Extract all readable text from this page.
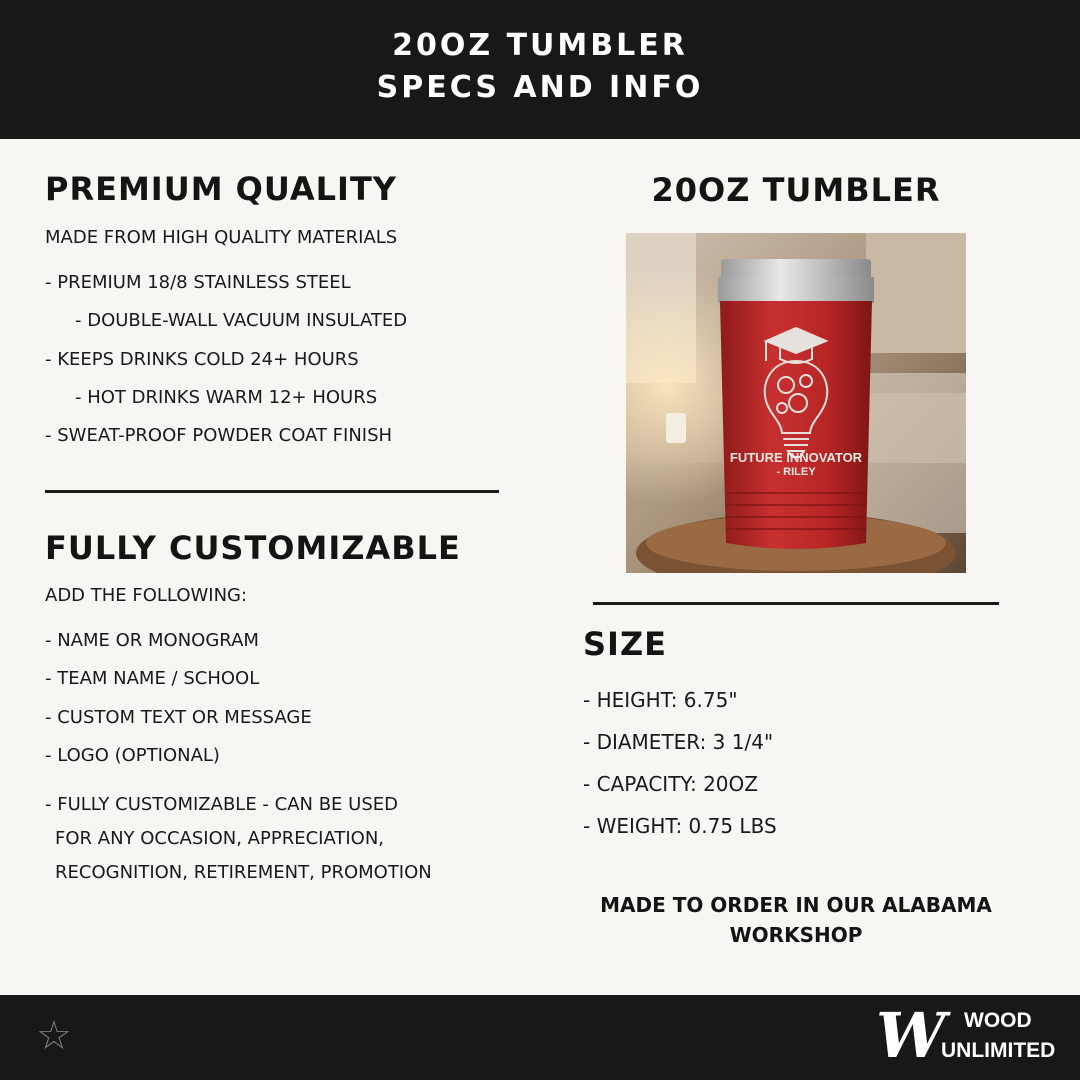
20OZ TUMBLER
SPECS AND INFO
PREMIUM QUALITY
MADE FROM HIGH QUALITY MATERIALS
- PREMIUM 18/8 STAINLESS STEEL
- DOUBLE-WALL VACUUM INSULATED
- KEEPS DRINKS COLD 24+ HOURS
- HOT DRINKS WARM 12+ HOURS
- SWEAT-PROOF POWDER COAT FINISH
FULLY CUSTOMIZABLE
ADD THE FOLLOWING:
- NAME OR MONOGRAM
- TEAM NAME / SCHOOL
- CUSTOM TEXT OR MESSAGE
- LOGO (OPTIONAL)
- FULLY CUSTOMIZABLE - CAN BE USED
FOR ANY OCCASION, APPRECIATION,
RECOGNITION, RETIREMENT, PROMOTION
20OZ TUMBLER
FUTURE INNOVATOR
- RILEY
SIZE
- HEIGHT: 6.75"
- DIAMETER: 3 1/4"
- CAPACITY: 20OZ
- WEIGHT: 0.75 LBS
MADE TO ORDER IN OUR ALABAMA
WORKSHOP
☆	W WOOD
UNLIMITED
